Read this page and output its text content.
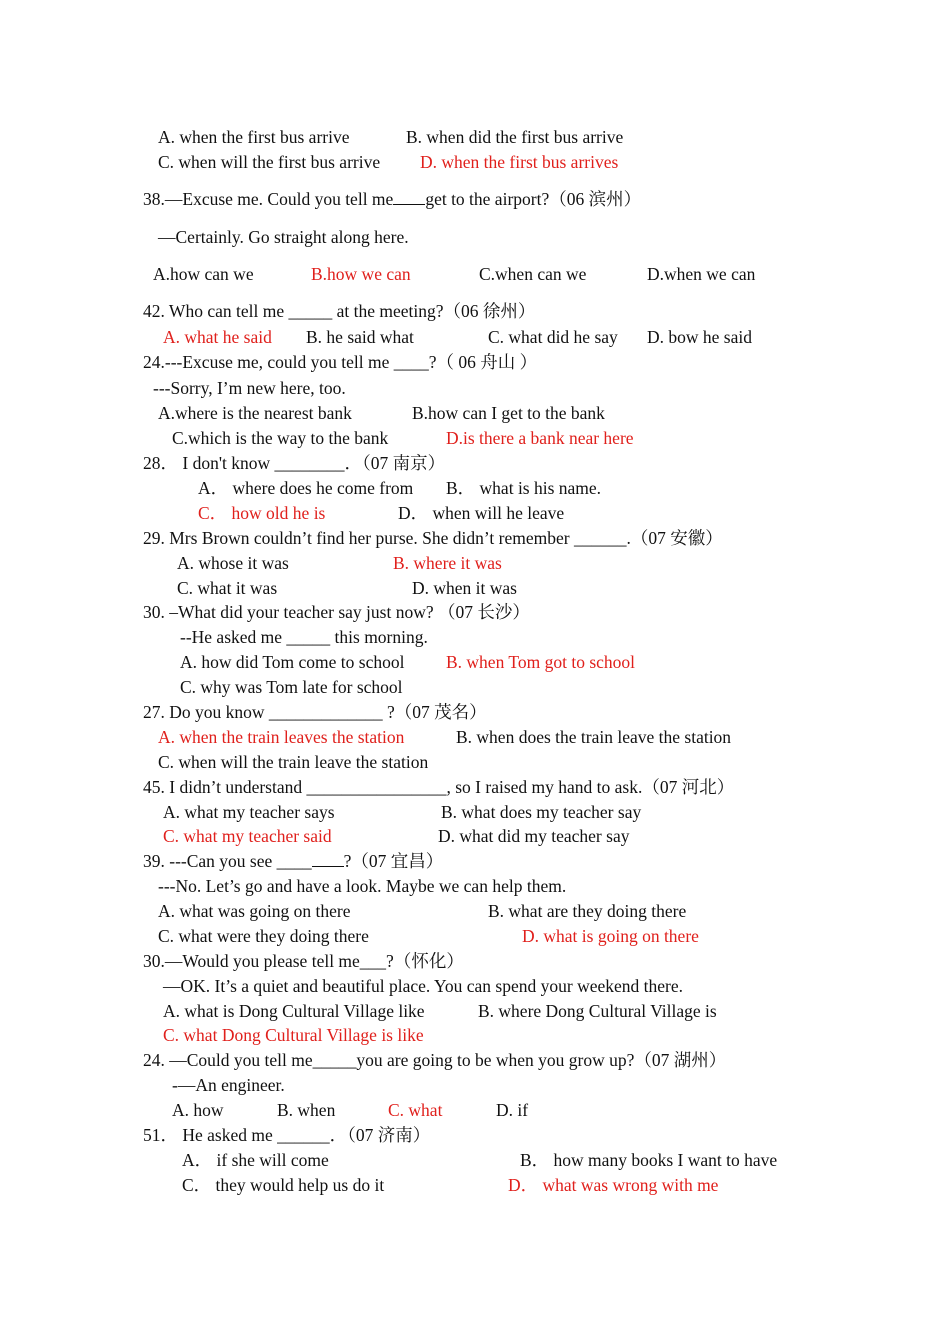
A. when the first bus arrive	B. when did the first bus arrive
C. when will the first bus arrive D. when the first bus arrives
38.—Excuse me. Could you tell me get to the airport?（06 滨州）
—Certainly. Go straight along here.
A.how can we	B.how we can	C.when can we	D.when we can
42. Who can tell me _____ at the meeting?（06 徐州）
A. what he said B. he said what	C. what did he say D. bow he said
24.---Excuse me, could you tell me ____?（ 06 舟山 ）
---Sorry, I’m new here, too.
A.where is the nearest bank	B.how can I get to the bank
C.which is the way to the bank	D.is there a bank near here
28． I don't know ________．（07 南京）
A． where does he come from B． what is his name.
C． how old he is	D． when will he leave
29. Mrs Brown couldn’t find her purse. She didn’t remember ______.（07 安徽）
A. whose it was	B. where it was
C. what it was	D. when it was
30. –What did your teacher say just now? （07 长沙）
--He asked me _____ this morning.
A. how did Tom come to school B. when Tom got to school
C. why was Tom late for school
27. Do you know _____________ ?（07 茂名）
A. when the train leaves the station	B. when does the train leave the station
C. when will the train leave the station
45. I didn’t understand ________________, so I raised my hand to ask.（07 河北）
A. what my teacher says	B. what does my teacher say
C. what my teacher said	D. what did my teacher say
39. ---Can you see ____ ?（07 宜昌）
---No. Let’s go and have a look. Maybe we can help them.
A. what was going on there	B. what are they doing there
C. what were they doing there	D. what is going on there
30.—Would you please tell me___?（怀化）
—OK. It’s a quiet and beautiful place. You can spend your weekend there.
A. what is Dong Cultural Village like	B. where Dong Cultural Village is
C. what Dong Cultural Village is like
24. —Could you tell me_____you are going to be when you grow up?（07 湖州）
-—An engineer.
A. how	B. when	C. what	D. if
51． He asked me ______．（07 济南）
A． if she will come	B． how many books I want to have
C． they would help us do it	D． what was wrong with me
